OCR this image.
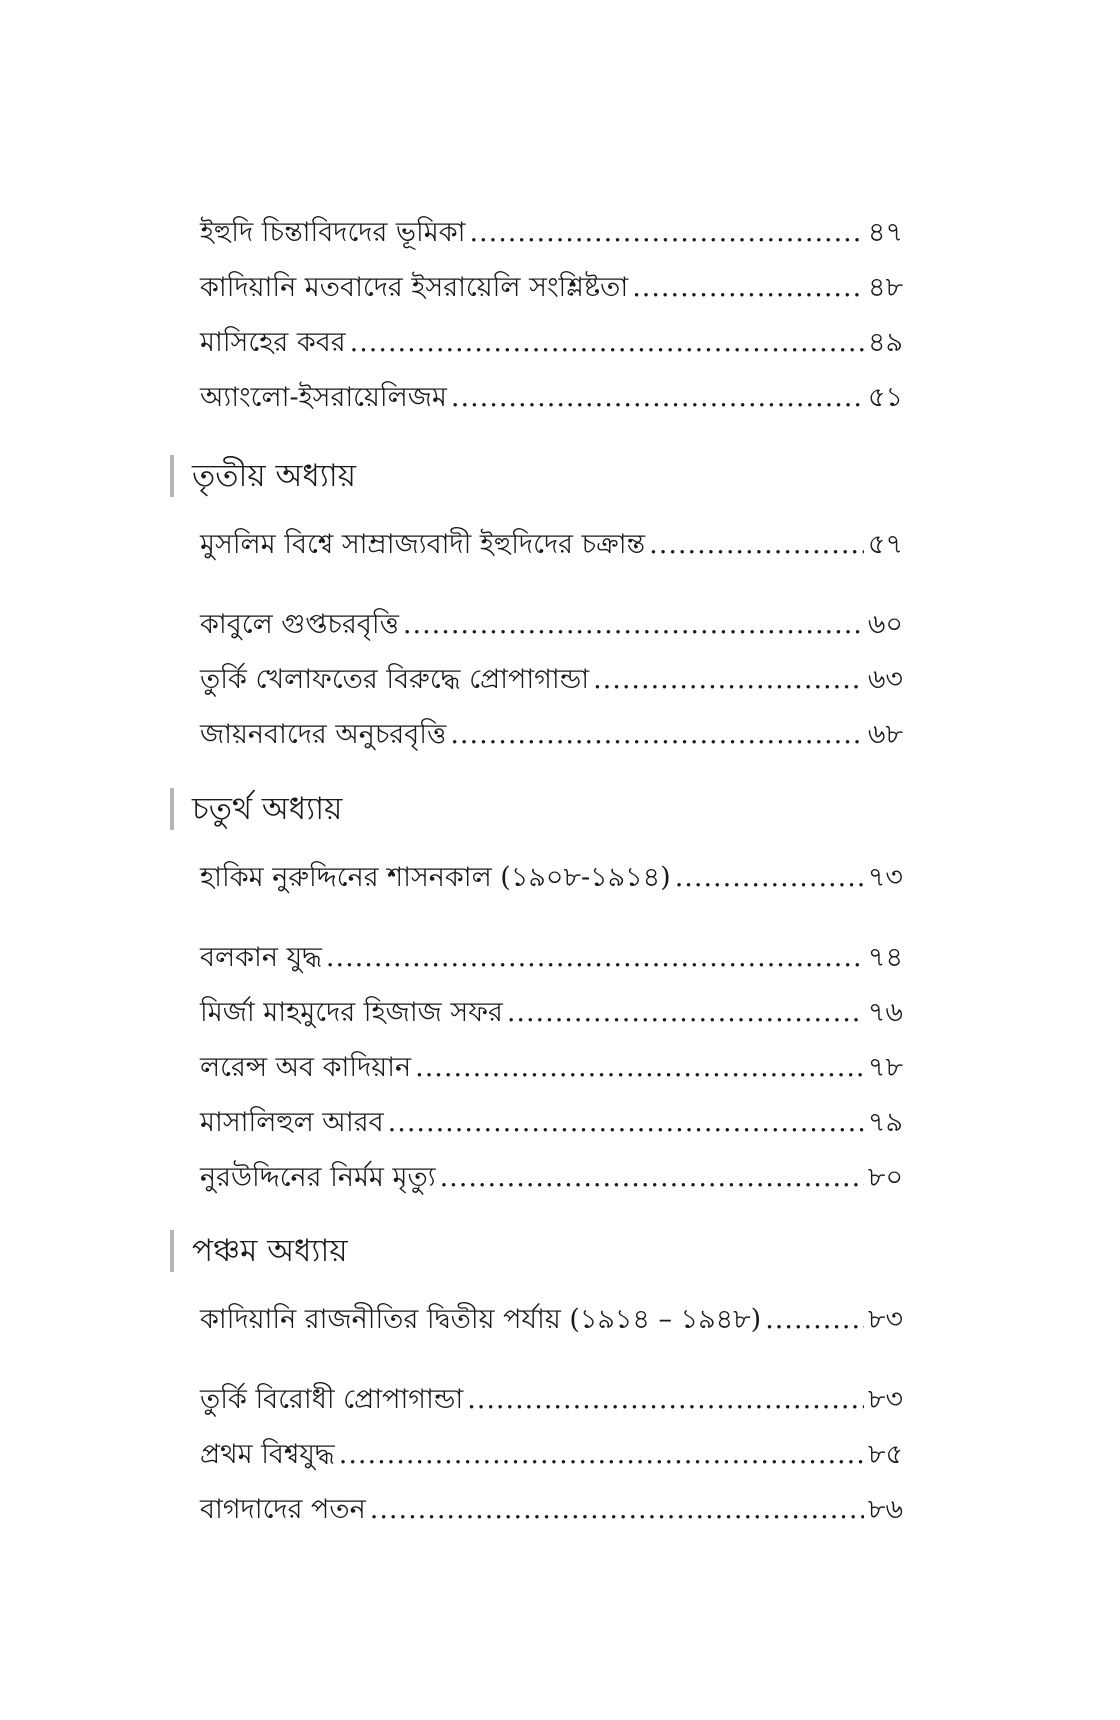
ইহুদি চিন্তাবিদদের ভূমিকা .....	৪৭
কাদিয়ানি মতবাদের ইসরায়েলি সংশ্লিষ্টতা .....	৪৮
মাসিহের কবর .....	৪৯
অ্যাংলো-ইসরায়েলিজম .....	৫১
তৃতীয় অধ্যায়
মুসলিম বিশ্বে সাম্রাজ্যবাদী ইহুদিদের চক্রান্ত .....	৫৭
কাবুলে গুপ্তচরবৃত্তি .....	৬০
তুর্কি খেলাফতের বিরুদ্ধে প্রোপাগান্ডা .....	৬৩
জায়নবাদের অনুচরবৃত্তি .....	৬৮
চতুর্থ অধ্যায়
হাকিম নুরুদ্দিনের শাসনকাল (১৯০৮-১৯১৪) .....	৭৩
বলকান যুদ্ধ .....	৭৪
মির্জা মাহমুদের হিজাজ সফর .....	৭৬
লরেন্স অব কাদিয়ান .....	৭৮
মাসালিহুল আরব .....	৭৯
নুরউদ্দিনের নির্মম মৃত্যু .....	৮০
পঞ্চম অধ্যায়
কাদিয়ানি রাজনীতির দ্বিতীয় পর্যায় (১৯১৪ – ১৯৪৮) .....	৮৩
তুর্কি বিরোধী প্রোপাগান্ডা .....	৮৩
প্রথম বিশ্বযুদ্ধ .....	৮৫
বাগদাদের পতন .....	৮৬
